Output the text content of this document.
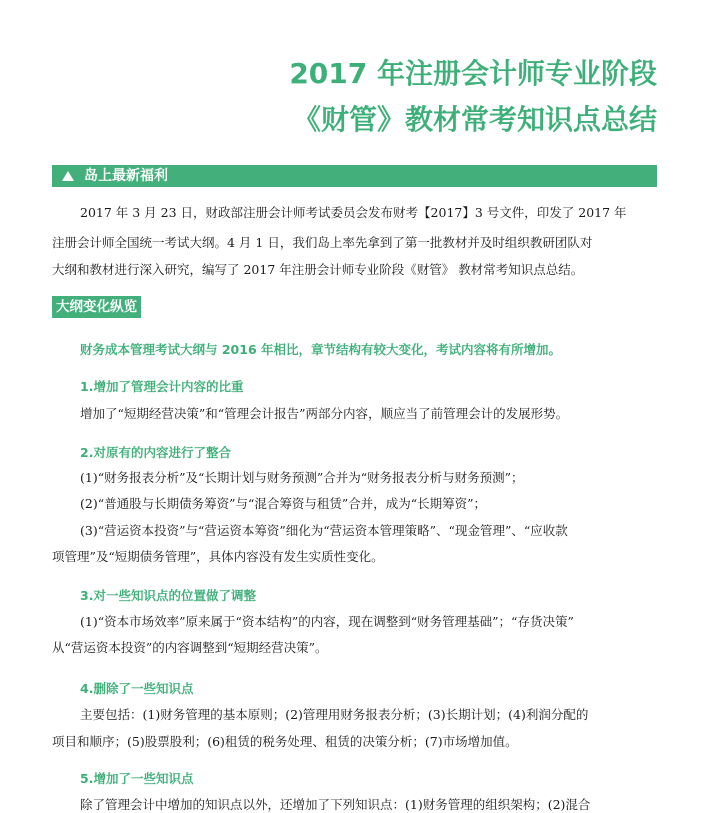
2017 年注册会计师专业阶段
《财管》教材常考知识点总结
岛上最新福利
2017 年 3 月 23 日，财政部注册会计师考试委员会发布财考【2017】3 号文件，印发了 2017 年
注册会计师全国统一考试大纲。4 月 1 日，我们岛上率先拿到了第一批教材并及时组织教研团队对
大纲和教材进行深入研究，编写了 2017 年注册会计师专业阶段《财管》 教材常考知识点总结。
大纲变化纵览
财务成本管理考试大纲与 2016 年相比，章节结构有较大变化，考试内容将有所增加。
1.增加了管理会计内容的比重
增加了“短期经营决策”和“管理会计报告”两部分内容，顺应当了前管理会计的发展形势。
2.对原有的内容进行了整合
(1)“财务报表分析”及“长期计划与财务预测”合并为“财务报表分析与财务预测”；
(2)“普通股与长期债务筹资”与“混合筹资与租赁”合并，成为“长期筹资”；
(3)“营运资本投资”与“营运资本筹资”细化为“营运资本管理策略”、“现金管理”、“应收款
项管理”及“短期债务管理”，具体内容没有发生实质性变化。
3.对一些知识点的位置做了调整
(1)“资本市场效率”原来属于“资本结构”的内容，现在调整到“财务管理基础”；“存货决策”
从“营运资本投资”的内容调整到“短期经营决策”。
4.删除了一些知识点
主要包括：(1)财务管理的基本原则；(2)管理用财务报表分析；(3)长期计划；(4)利润分配的
项目和顺序；(5)股票股利；(6)租赁的税务处理、租赁的决策分析；(7)市场增加值。
5.增加了一些知识点
除了管理会计中增加的知识点以外，还增加了下列知识点：(1)财务管理的组织架构；(2)混合
